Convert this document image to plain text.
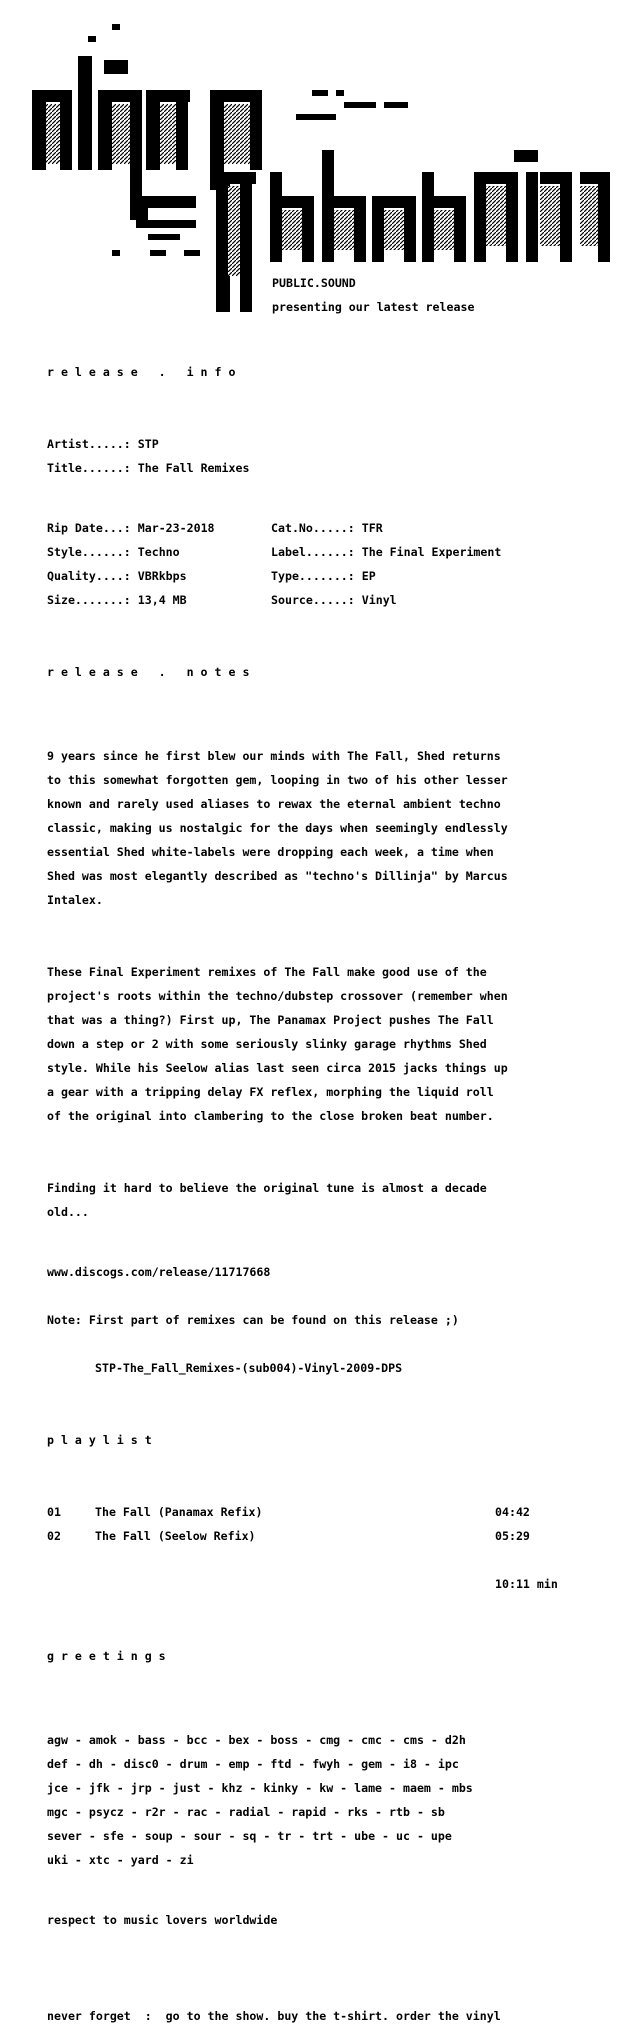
PUBLIC.SOUND
presenting our latest release

r e l e a s e   .   i n f o

Artist.....: STP

Title......: The Fall Remixes

Rip Date...: Mar-23-2018	Cat.No.....: TFR

Style......: Techno	Label......: The Final Experiment

Quality....: VBRkbps	Type.......: EP

Size.......: 13,4 MB	Source.....: Vinyl

r e l e a s e   .   n o t e s

9 years since he first blew our minds with The Fall, Shed returns

to this somewhat forgotten gem, looping in two of his other lesser

known and rarely used aliases to rewax the eternal ambient techno

classic, making us nostalgic for the days when seemingly endlessly

essential Shed white-labels were dropping each week, a time when

Shed was most elegantly described as "techno's Dillinja" by Marcus

Intalex.

These Final Experiment remixes of The Fall make good use of the

project's roots within the techno/dubstep crossover (remember when

that was a thing?) First up, The Panamax Project pushes The Fall

down a step or 2 with some seriously slinky garage rhythms Shed

style. While his Seelow alias last seen circa 2015 jacks things up

a gear with a tripping delay FX reflex, morphing the liquid roll

of the original into clambering to the close broken beat number.

Finding it hard to believe the original tune is almost a decade

old...

www.discogs.com/release/11717668

Note: First part of remixes can be found on this release ;)

STP-The_Fall_Remixes-(sub004)-Vinyl-2009-DPS

p l a y l i s t

01	The Fall (Panamax Refix)	04:42

02	The Fall (Seelow Refix)	05:29

10:11 min

g r e e t i n g s

agw - amok - bass - bcc - bex - boss - cmg - cmc - cms - d2h

def - dh - disc0 - drum - emp - ftd - fwyh - gem - i8 - ipc

jce - jfk - jrp - just - khz - kinky - kw - lame - maem - mbs

mgc - psycz - r2r - rac - radial - rapid - rks - rtb - sb

sever - sfe - soup - sour - sq - tr - trt - ube - uc - upe

uki - xtc - yard - zi

respect to music lovers worldwide

never forget  :  go to the show. buy the t-shirt. order the vinyl
